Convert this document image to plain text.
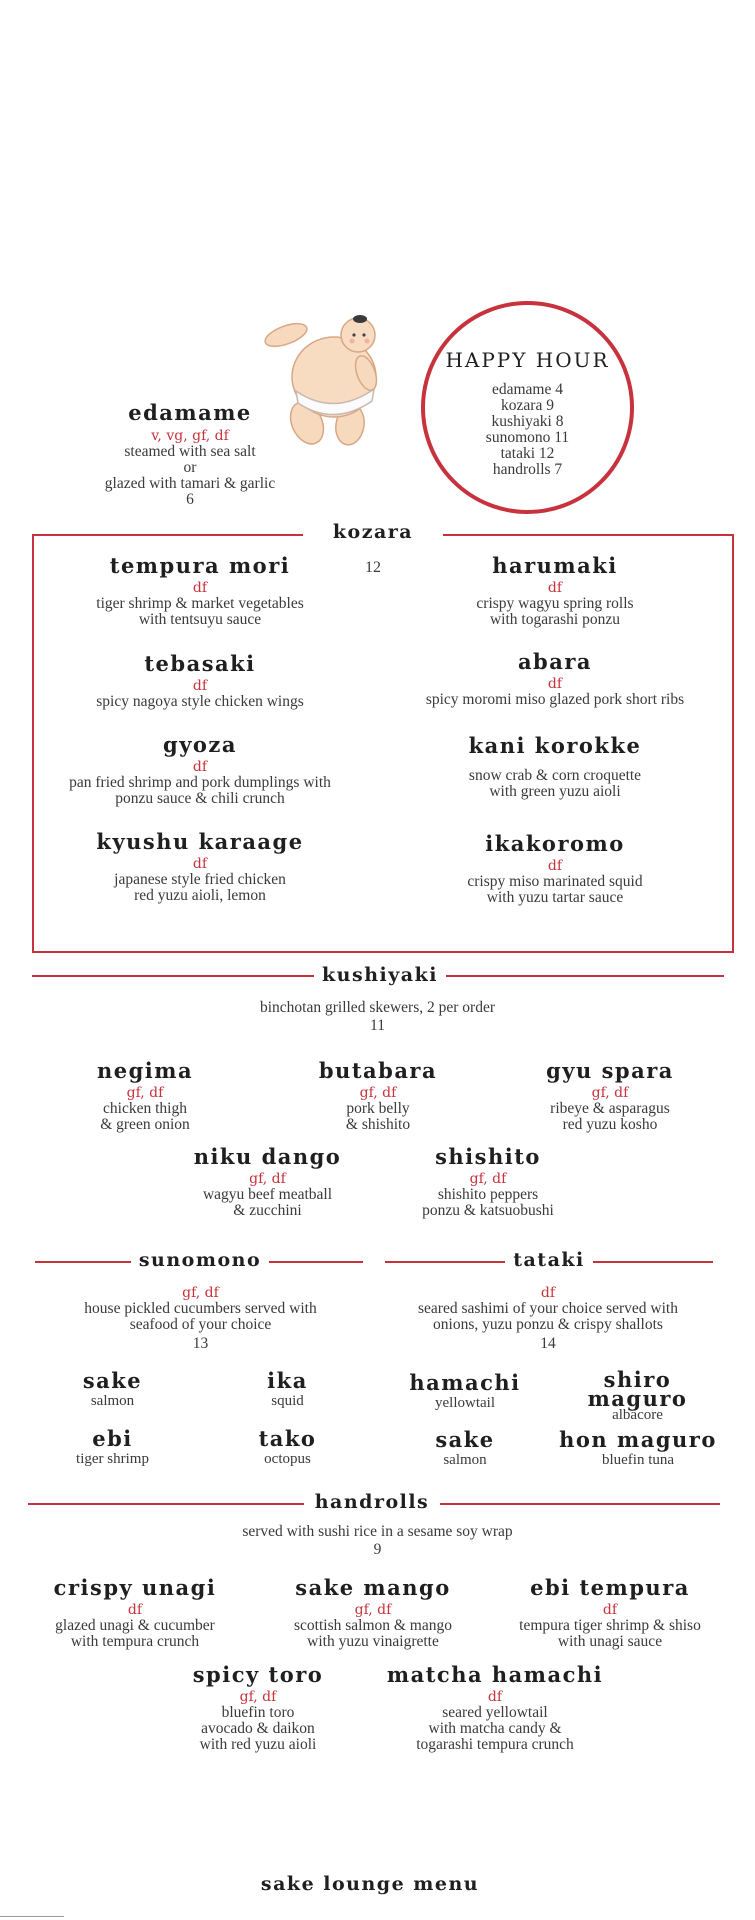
edamame
v, vg, gf, df
steamed with sea salt
or
glazed with tamari & garlic
6
HAPPY HOUR
edamame 4
kozara 9
kushiyaki 8
sunomono 11
tataki 12
handrolls 7
kozara
12
tempura mori
df
tiger shrimp & market vegetables
with tentsuyu sauce
harumaki
df
crispy wagyu spring rolls
with togarashi ponzu
tebasaki
df
spicy nagoya style chicken wings
abara
df
spicy moromi miso glazed pork short ribs
gyoza
df
pan fried shrimp and pork dumplings with
ponzu sauce & chili crunch
kani korokke
snow crab & corn croquette
with green yuzu aioli
kyushu karaage
df
japanese style fried chicken
red yuzu aioli, lemon
ikakoromo
df
crispy miso marinated squid
with yuzu tartar sauce
kushiyaki
binchotan grilled skewers, 2 per order
11
negima
gf, df
chicken thigh
& green onion
butabara
gf, df
pork belly
& shishito
gyu spara
gf, df
ribeye & asparagus
red yuzu kosho
niku dango
gf, df
wagyu beef meatball
& zucchini
shishito
gf, df
shishito peppers
ponzu & katsuobushi
sunomono	tataki
gf, df
house pickled cucumbers served with
seafood of your choice
13
df
seared sashimi of your choice served with
onions, yuzu ponzu & crispy shallots
14
sake
salmon
ika
squid
ebi
tiger shrimp
tako
octopus
hamachi
yellowtail
shiro
maguro
albacore
sake
salmon
hon maguro
bluefin tuna
handrolls
served with sushi rice in a sesame soy wrap
9
crispy unagi
df
glazed unagi & cucumber
with tempura crunch
sake mango
gf, df
scottish salmon & mango
with yuzu vinaigrette
ebi tempura
df
tempura tiger shrimp & shiso
with unagi sauce
spicy toro
gf, df
bluefin toro
avocado & daikon
with red yuzu aioli
matcha hamachi
df
seared yellowtail
with matcha candy &
togarashi tempura crunch
sake lounge menu
